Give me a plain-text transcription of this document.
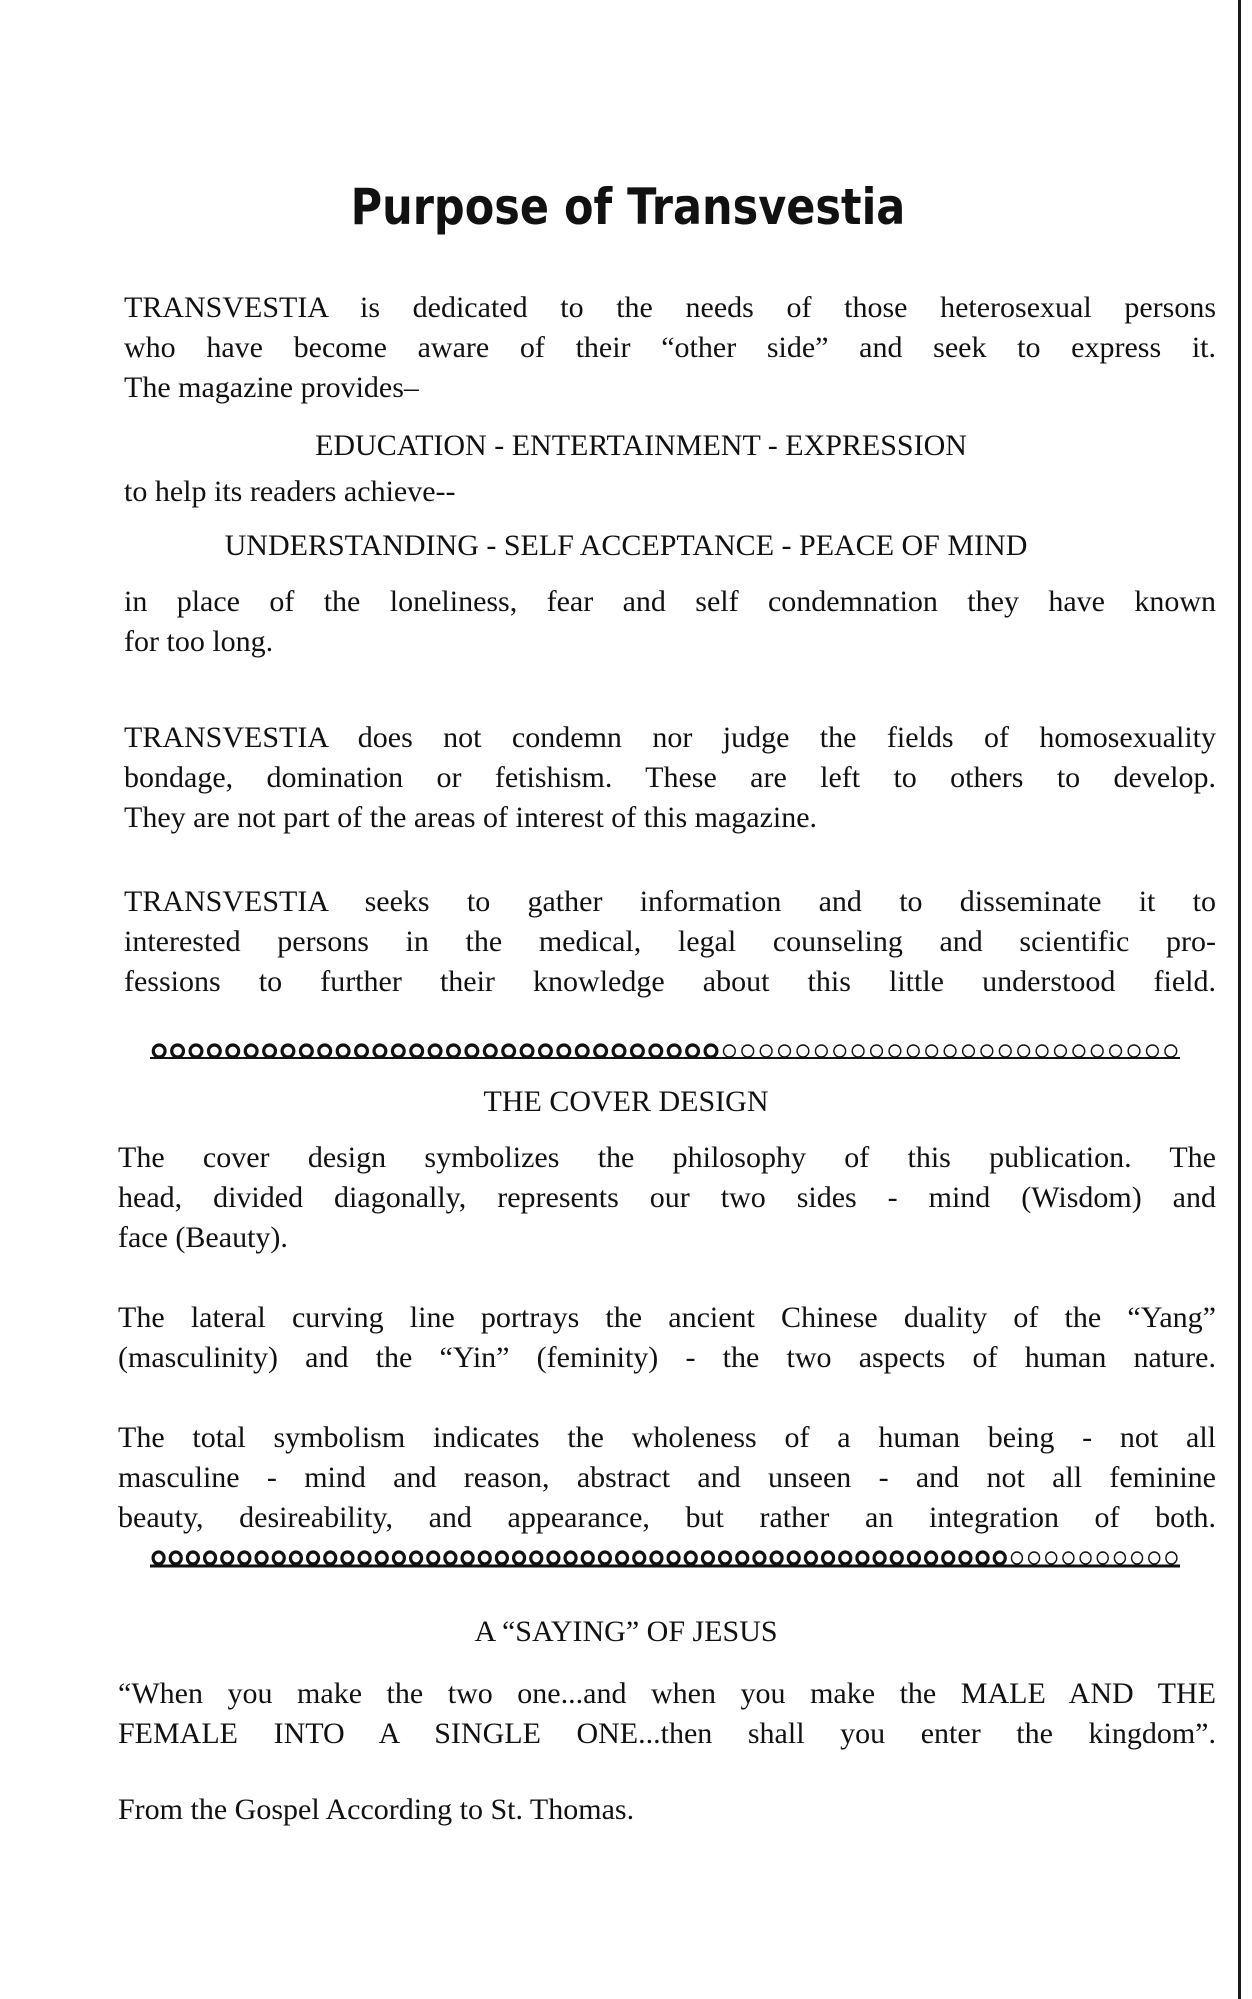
Purpose of Transvestia
TRANSVESTIA is dedicated to the needs of those heterosexual persons
who have become aware of their “other side” and seek to express it.
The magazine provides–
EDUCATION - ENTERTAINMENT - EXPRESSION
to help its readers achieve--
UNDERSTANDING - SELF ACCEPTANCE - PEACE OF MIND
in place of the loneliness, fear and self condemnation they have known
for too long.
TRANSVESTIA does not condemn nor judge the fields of homosexuality
bondage, domination or fetishism. These are left to others to develop.
They are not part of the areas of interest of this magazine.
TRANSVESTIA seeks to gather information and to disseminate it to
interested persons in the medical, legal counseling and scientific pro-
fessions to further their knowledge about this little understood field.
THE COVER DESIGN
The cover design symbolizes the philosophy of this publication. The
head, divided diagonally, represents our two sides - mind (Wisdom) and
face (Beauty).
The lateral curving line portrays the ancient Chinese duality of the “Yang”
(masculinity) and the “Yin” (feminity) - the two aspects of human nature.
The total symbolism indicates the wholeness of a human being - not all
masculine - mind and reason, abstract and unseen - and not all feminine
beauty, desireability, and appearance, but rather an integration of both.
A “SAYING” OF JESUS
“When you make the two one...and when you make the MALE AND THE
FEMALE INTO A SINGLE ONE...then shall you enter the kingdom”.
From the Gospel According to St. Thomas.
